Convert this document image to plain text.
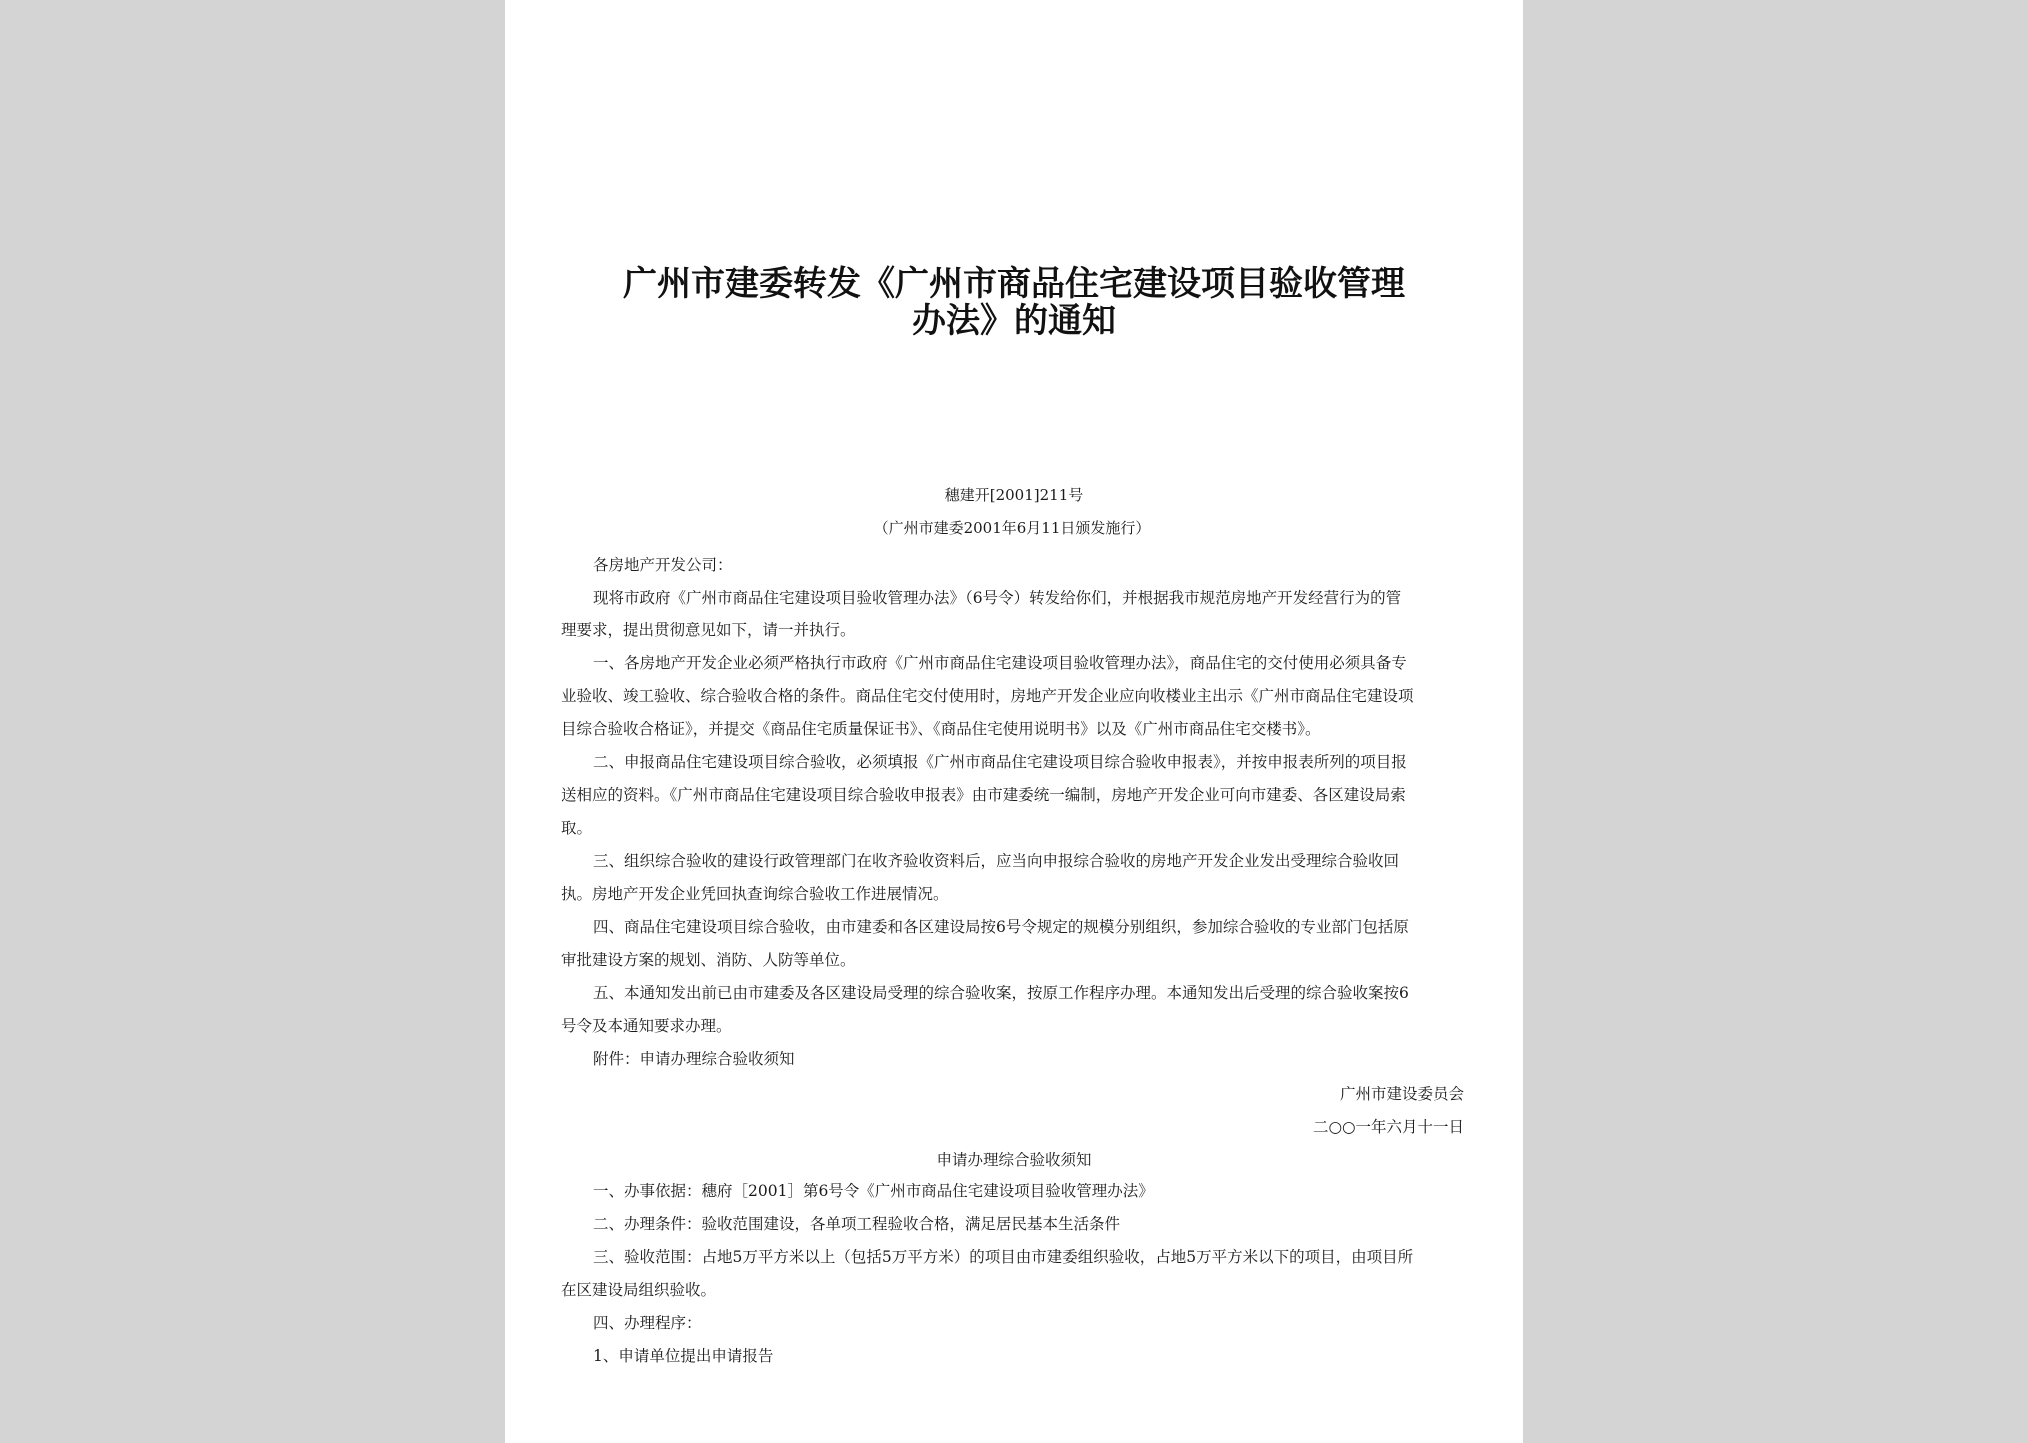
广州市建委转发《广州市商品住宅建设项目验收管理
办法》的通知
穗建开[2001]211号
（广州市建委2001年6月11日颁发施行）
各房地产开发公司：
现将市政府《广州市商品住宅建设项目验收管理办法》（6号令）转发给你们，并根据我市规范房地产开发经营行为的管
理要求，提出贯彻意见如下，请一并执行。
一、各房地产开发企业必须严格执行市政府《广州市商品住宅建设项目验收管理办法》，商品住宅的交付使用必须具备专
业验收、竣工验收、综合验收合格的条件。商品住宅交付使用时，房地产开发企业应向收楼业主出示《广州市商品住宅建设项
目综合验收合格证》，并提交《商品住宅质量保证书》、《商品住宅使用说明书》以及《广州市商品住宅交楼书》。
二、申报商品住宅建设项目综合验收，必须填报《广州市商品住宅建设项目综合验收申报表》，并按申报表所列的项目报
送相应的资料。《广州市商品住宅建设项目综合验收申报表》由市建委统一编制，房地产开发企业可向市建委、各区建设局索
取。
三、组织综合验收的建设行政管理部门在收齐验收资料后，应当向申报综合验收的房地产开发企业发出受理综合验收回
执。房地产开发企业凭回执查询综合验收工作进展情况。
四、商品住宅建设项目综合验收，由市建委和各区建设局按6号令规定的规模分别组织，参加综合验收的专业部门包括原
审批建设方案的规划、消防、人防等单位。
五、本通知发出前已由市建委及各区建设局受理的综合验收案，按原工作程序办理。本通知发出后受理的综合验收案按6
号令及本通知要求办理。
附件：申请办理综合验收须知
广州市建设委员会
二○○一年六月十一日
申请办理综合验收须知
一、办事依据：穗府［2001］第6号令《广州市商品住宅建设项目验收管理办法》
二、办理条件：验收范围建设，各单项工程验收合格，满足居民基本生活条件
三、验收范围：占地5万平方米以上（包括5万平方米）的项目由市建委组织验收，占地5万平方米以下的项目，由项目所
在区建设局组织验收。
四、办理程序：
1、申请单位提出申请报告
